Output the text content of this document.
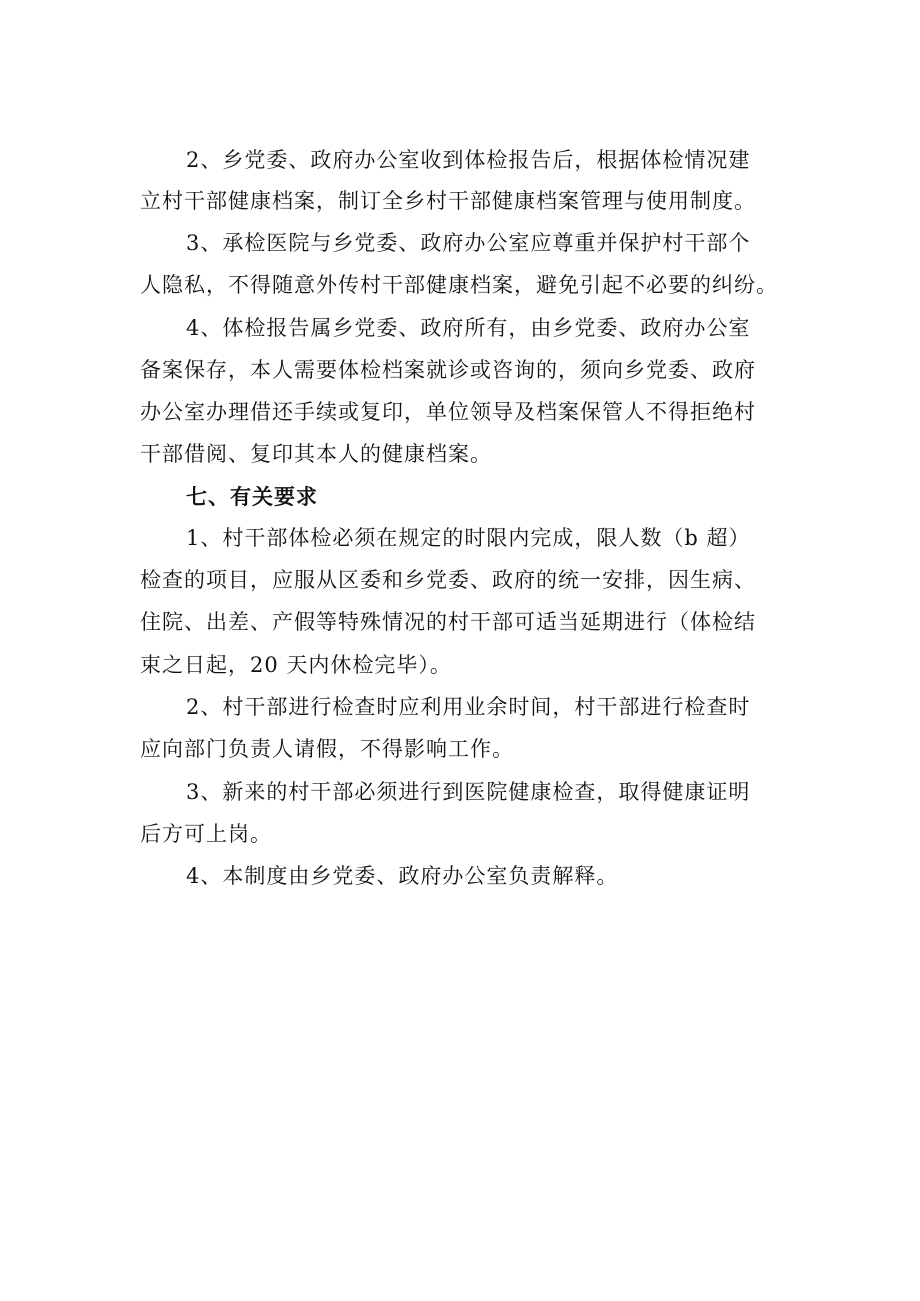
2、乡党委、政府办公室收到体检报告后，根据体检情况建
立村干部健康档案，制订全乡村干部健康档案管理与使用制度。
3、承检医院与乡党委、政府办公室应尊重并保护村干部个
人隐私，不得随意外传村干部健康档案，避免引起不必要的纠纷。
4、体检报告属乡党委、政府所有，由乡党委、政府办公室
备案保存，本人需要体检档案就诊或咨询的，须向乡党委、政府
办公室办理借还手续或复印，单位领导及档案保管人不得拒绝村
干部借阅、复印其本人的健康档案。
七、有关要求
1、村干部体检必须在规定的时限内完成，限人数（b 超）
检查的项目，应服从区委和乡党委、政府的统一安排，因生病、
住院、出差、产假等特殊情况的村干部可适当延期进行（体检结
束之日起，20 天内休检完毕）。
2、村干部进行检查时应利用业余时间，村干部进行检查时
应向部门负责人请假，不得影响工作。
3、新来的村干部必须进行到医院健康检查，取得健康证明
后方可上岗。
4、本制度由乡党委、政府办公室负责解释。
